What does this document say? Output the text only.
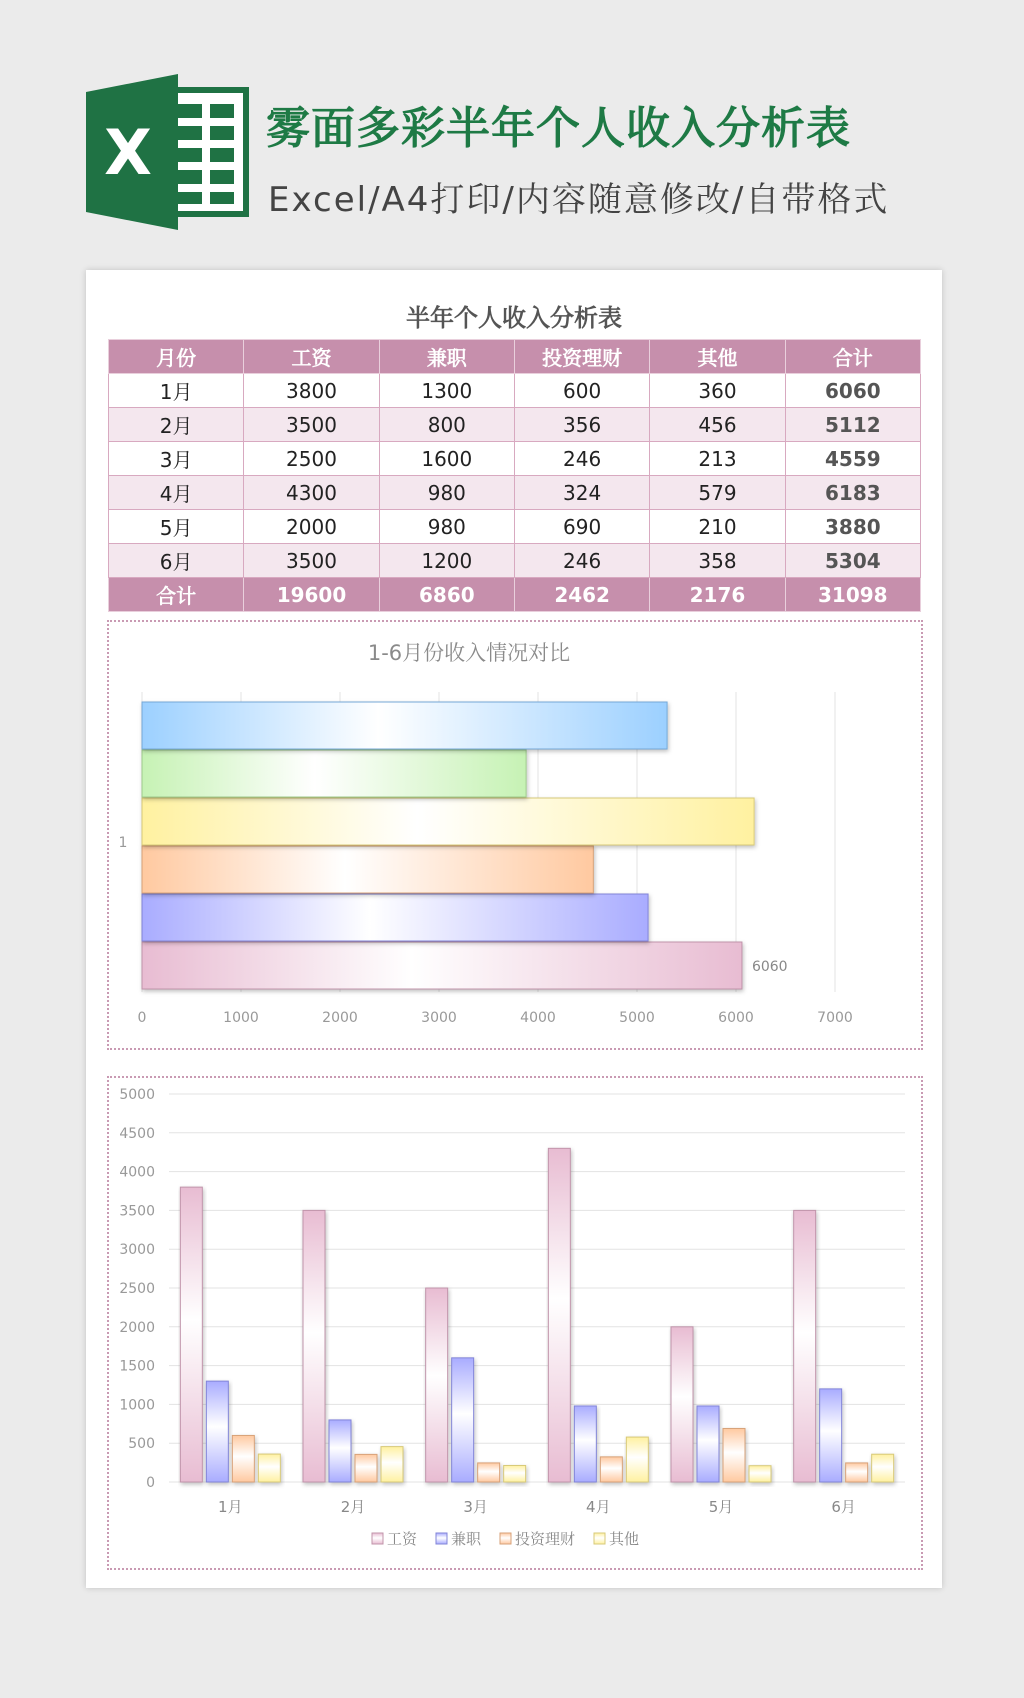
X	雾面多彩半年个人收入分析表
Excel/A4打印/内容随意修改/自带格式
半年个人收入分析表
月份	工资	兼职	投资理财	其他	合计
1月	3800	1300	600	360	6060
2月	3500	800	356	456	5112
3月	2500	1600	246	213	4559
4月	4300	980	324	579	6183
5月	2000	980	690	210	3880
6月	3500	1200	246	358	5304
合计	19600	6860	2462	2176	31098
1-6月份收入情况对比
0	1000	2000	3000	4000	5000	6000	7000
1
6060
0
500
1000
1500
2000
2500
3000
3500
4000
4500
5000
1月	2月	3月	4月	5月	6月
工资 兼职 投资理财 其他
